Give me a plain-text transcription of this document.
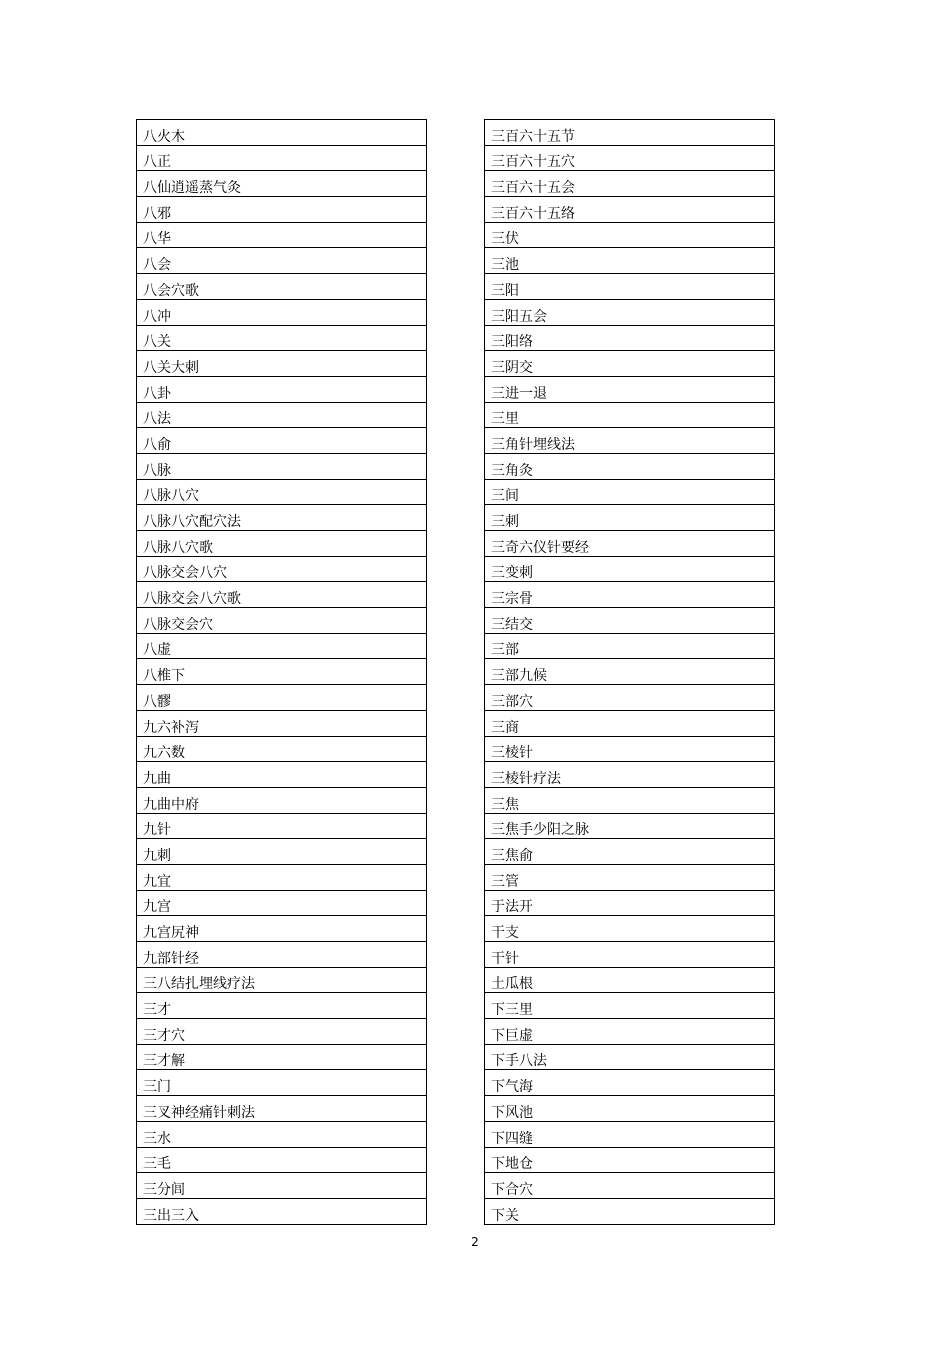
八火木
八正
八仙逍遥蒸气灸
八邪
八华
八会
八会穴歌
八冲
八关
八关大刺
八卦
八法
八俞
八脉
八脉八穴
八脉八穴配穴法
八脉八穴歌
八脉交会八穴
八脉交会八穴歌
八脉交会穴
八虚
八椎下
八髎
九六补泻
九六数
九曲
九曲中府
九针
九刺
九宜
九宫
九宫尻神
九部针经
三八结扎埋线疗法
三才
三才穴
三才解
三门
三叉神经痛针刺法
三水
三毛
三分闾
三出三入
三百六十五节
三百六十五穴
三百六十五会
三百六十五络
三伏
三池
三阳
三阳五会
三阳络
三阴交
三进一退
三里
三角针埋线法
三角灸
三间
三刺
三奇六仪针要经
三变刺
三宗骨
三结交
三部
三部九候
三部穴
三商
三棱针
三棱针疗法
三焦
三焦手少阳之脉
三焦俞
三管
于法开
干支
干针
土瓜根
下三里
下巨虚
下手八法
下气海
下风池
下四缝
下地仓
下合穴
下关
2
